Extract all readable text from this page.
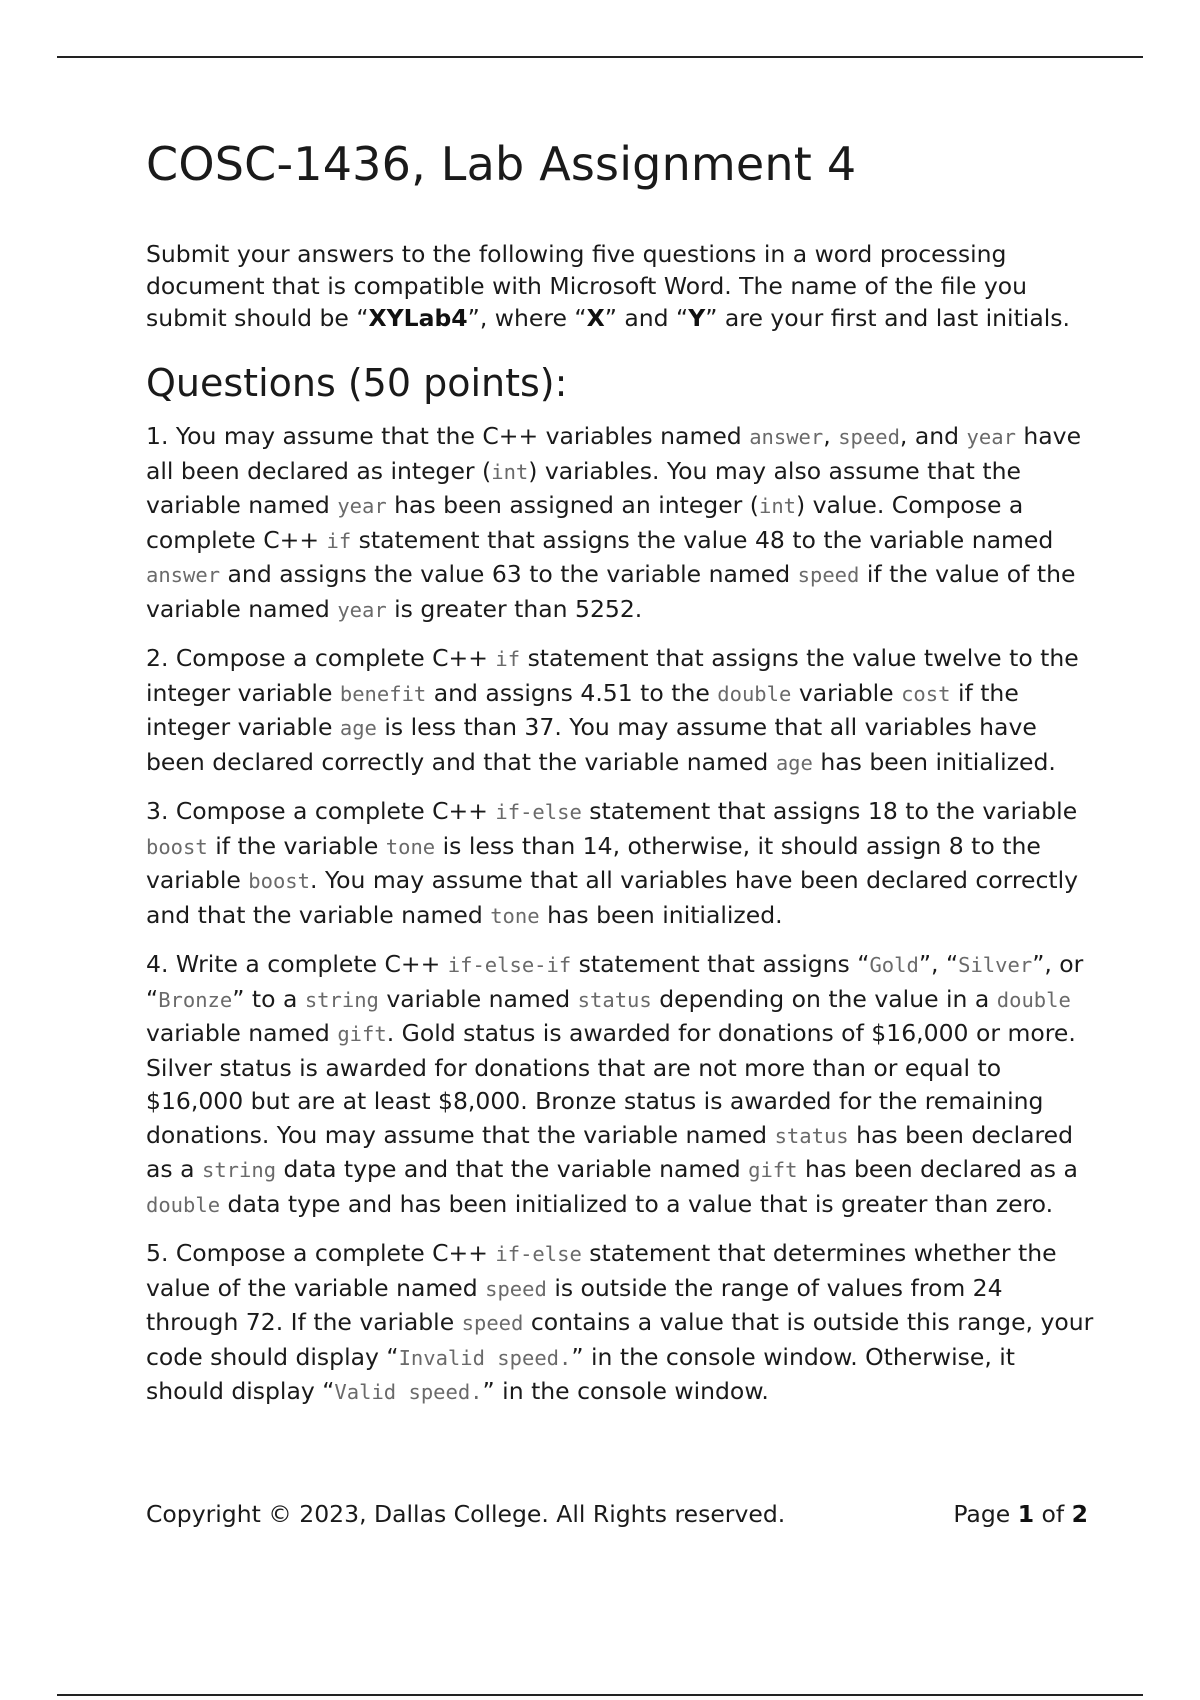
COSC-1436, Lab Assignment 4

Submit your answers to the following five questions in a word processing document that is compatible with Microsoft Word. The name of the file you submit should be “XYLab4”, where “X” and “Y” are your first and last initials.

Questions (50 points):

1. You may assume that the C++ variables named answer, speed, and year have all been declared as integer (int) variables. You may also assume that the variable named year has been assigned an integer (int) value. Compose a complete C++ if statement that assigns the value 48 to the variable named answer and assigns the value 63 to the variable named speed if the value of the variable named year is greater than 5252.

2. Compose a complete C++ if statement that assigns the value twelve to the integer variable benefit and assigns 4.51 to the double variable cost if the integer variable age is less than 37. You may assume that all variables have been declared correctly and that the variable named age has been initialized.

3. Compose a complete C++ if-else statement that assigns 18 to the variable boost if the variable tone is less than 14, otherwise, it should assign 8 to the variable boost. You may assume that all variables have been declared correctly and that the variable named tone has been initialized.

4. Write a complete C++ if-else-if statement that assigns “Gold”, “Silver”, or “Bronze” to a string variable named status depending on the value in a double variable named gift. Gold status is awarded for donations of $16,000 or more. Silver status is awarded for donations that are not more than or equal to $16,000 but are at least $8,000. Bronze status is awarded for the remaining donations. You may assume that the variable named status has been declared as a string data type and that the variable named gift has been declared as a double data type and has been initialized to a value that is greater than zero.

5. Compose a complete C++ if-else statement that determines whether the value of the variable named speed is outside the range of values from 24 through 72. If the variable speed contains a value that is outside this range, your code should display “Invalid speed.” in the console window. Otherwise, it should display “Valid speed.” in the console window.

Copyright © 2023, Dallas College. All Rights reserved.	Page 1 of 2
